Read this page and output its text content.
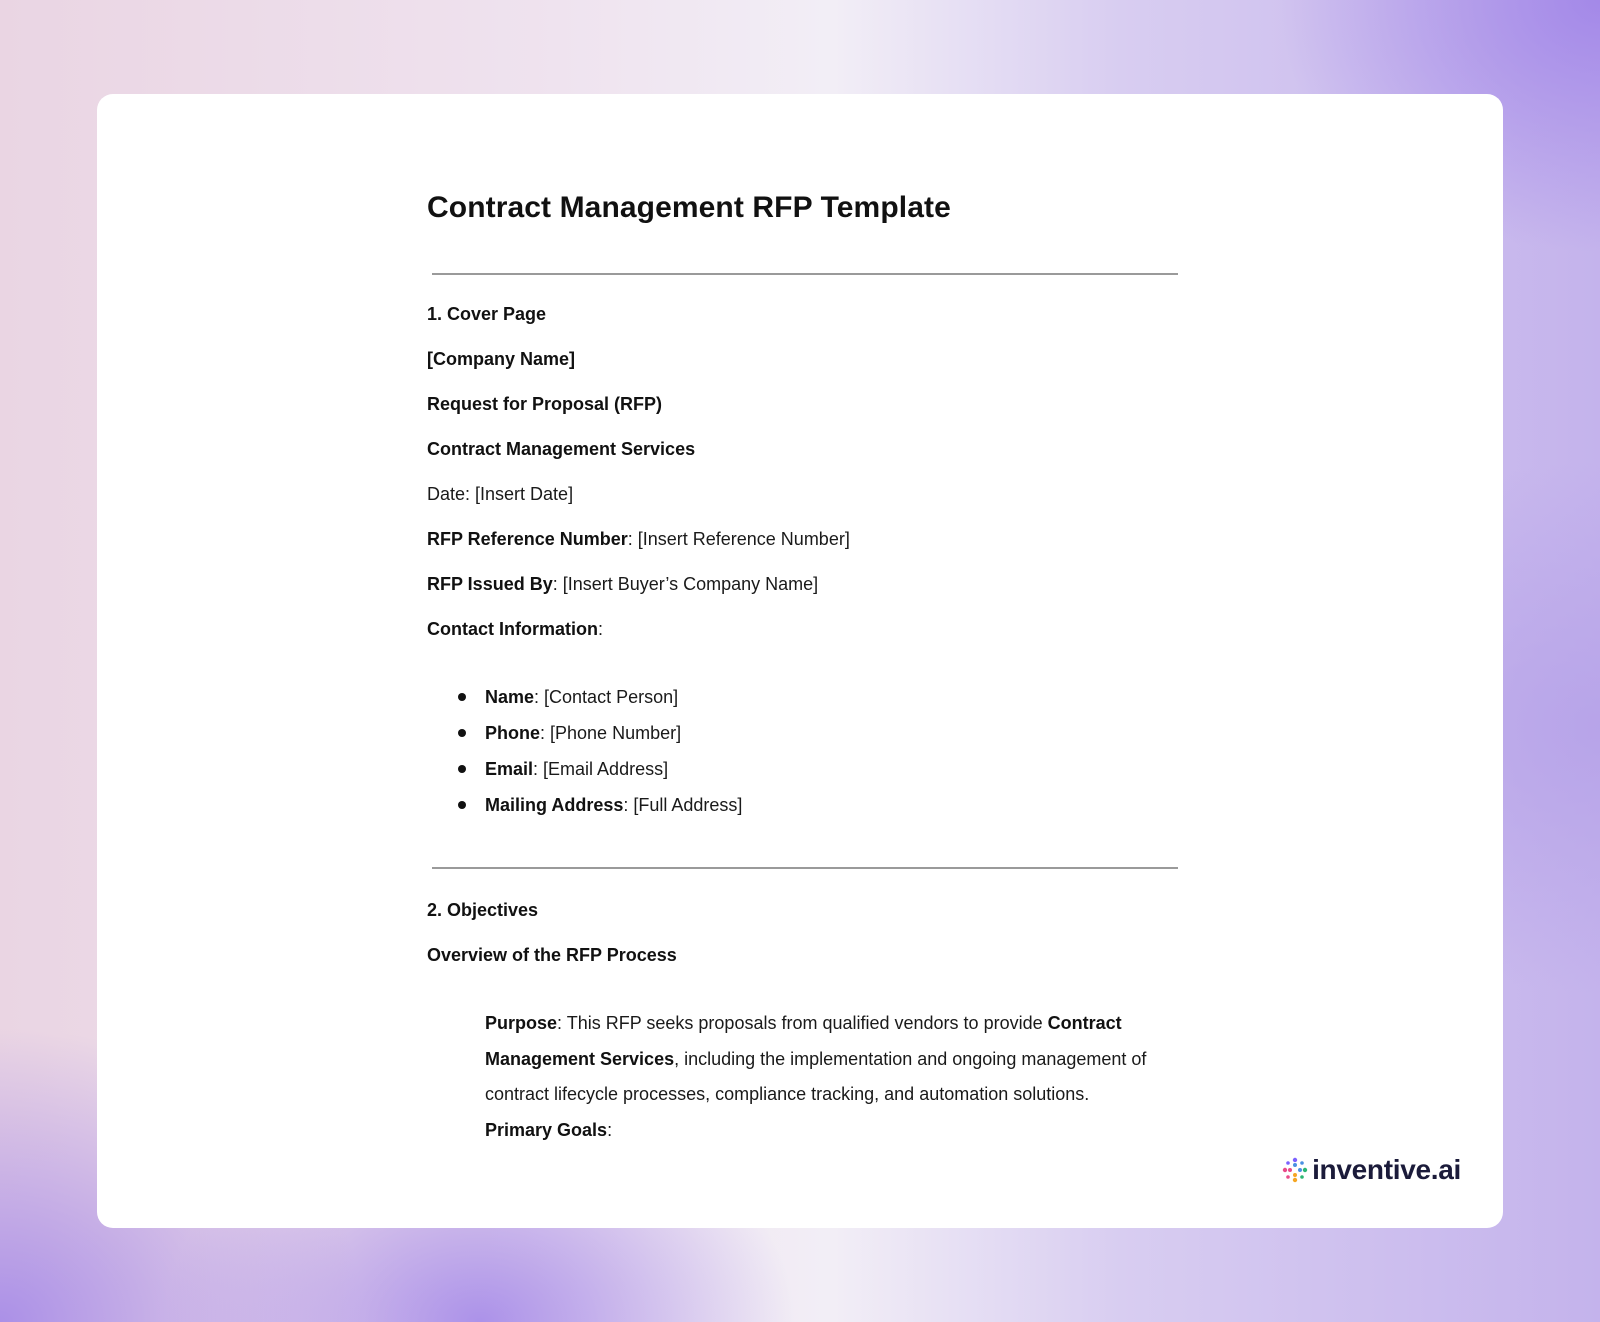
Contract Management RFP Template

1. Cover Page

[Company Name]

Request for Proposal (RFP)

Contract Management Services

Date: [Insert Date]

RFP Reference Number: [Insert Reference Number]

RFP Issued By: [Insert Buyer’s Company Name]

Contact Information:

Name: [Contact Person]
Phone: [Phone Number]
Email: [Email Address]
Mailing Address: [Full Address]

2. Objectives

Overview of the RFP Process

Purpose: This RFP seeks proposals from qualified vendors to provide Contract Management Services, including the implementation and ongoing management of contract lifecycle processes, compliance tracking, and automation solutions.

Primary Goals:

inventive.ai
